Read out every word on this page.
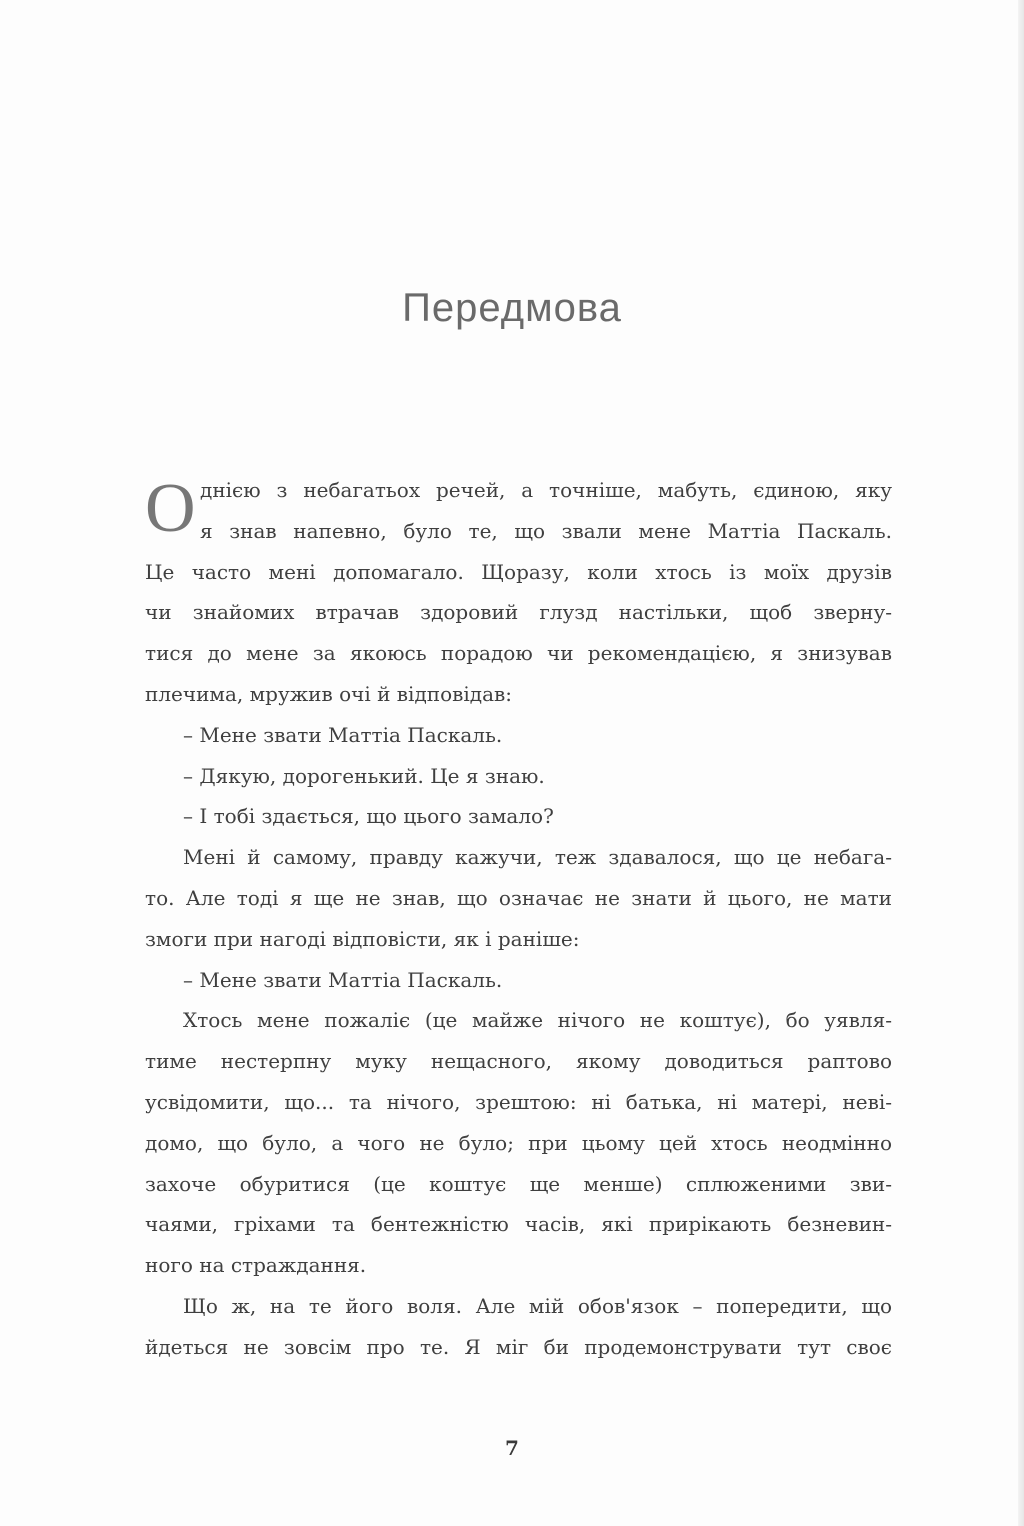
Передмова
О днією з небагатьох речей, а точніше, мабуть, єдиною, яку
я знав напевно, було те, що звали мене Маттіа Паскаль.
Це часто мені допомагало. Щоразу, коли хтось із моїх друзів
чи знайомих втрачав здоровий глузд настільки, щоб зверну-
тися до мене за якоюсь порадою чи рекомендацією, я знизував
плечима, мружив очі й відповідав:
– Мене звати Маттіа Паскаль.
– Дякую, дорогенький. Це я знаю.
– І тобі здається, що цього замало?
Мені й самому, правду кажучи, теж здавалося, що це небага-
то. Але тоді я ще не знав, що означає не знати й цього, не мати
змоги при нагоді відповісти, як і раніше:
– Мене звати Маттіа Паскаль.
Хтось мене пожаліє (це майже нічого не коштує), бо уявля-
тиме нестерпну муку нещасного, якому доводиться раптово
усвідомити, що... та нічого, зрештою: ні батька, ні матері, неві-
домо, що було, а чого не було; при цьому цей хтось неодмінно
захоче обуритися (це коштує ще менше) сплюженими зви-
чаями, гріхами та бентежністю часів, які прирікають безневин-
ного на страждання.
Що ж, на те його воля. Але мій обов'язок – попередити, що
йдеться не зовсім про те. Я міг би продемонструвати тут своє
7
